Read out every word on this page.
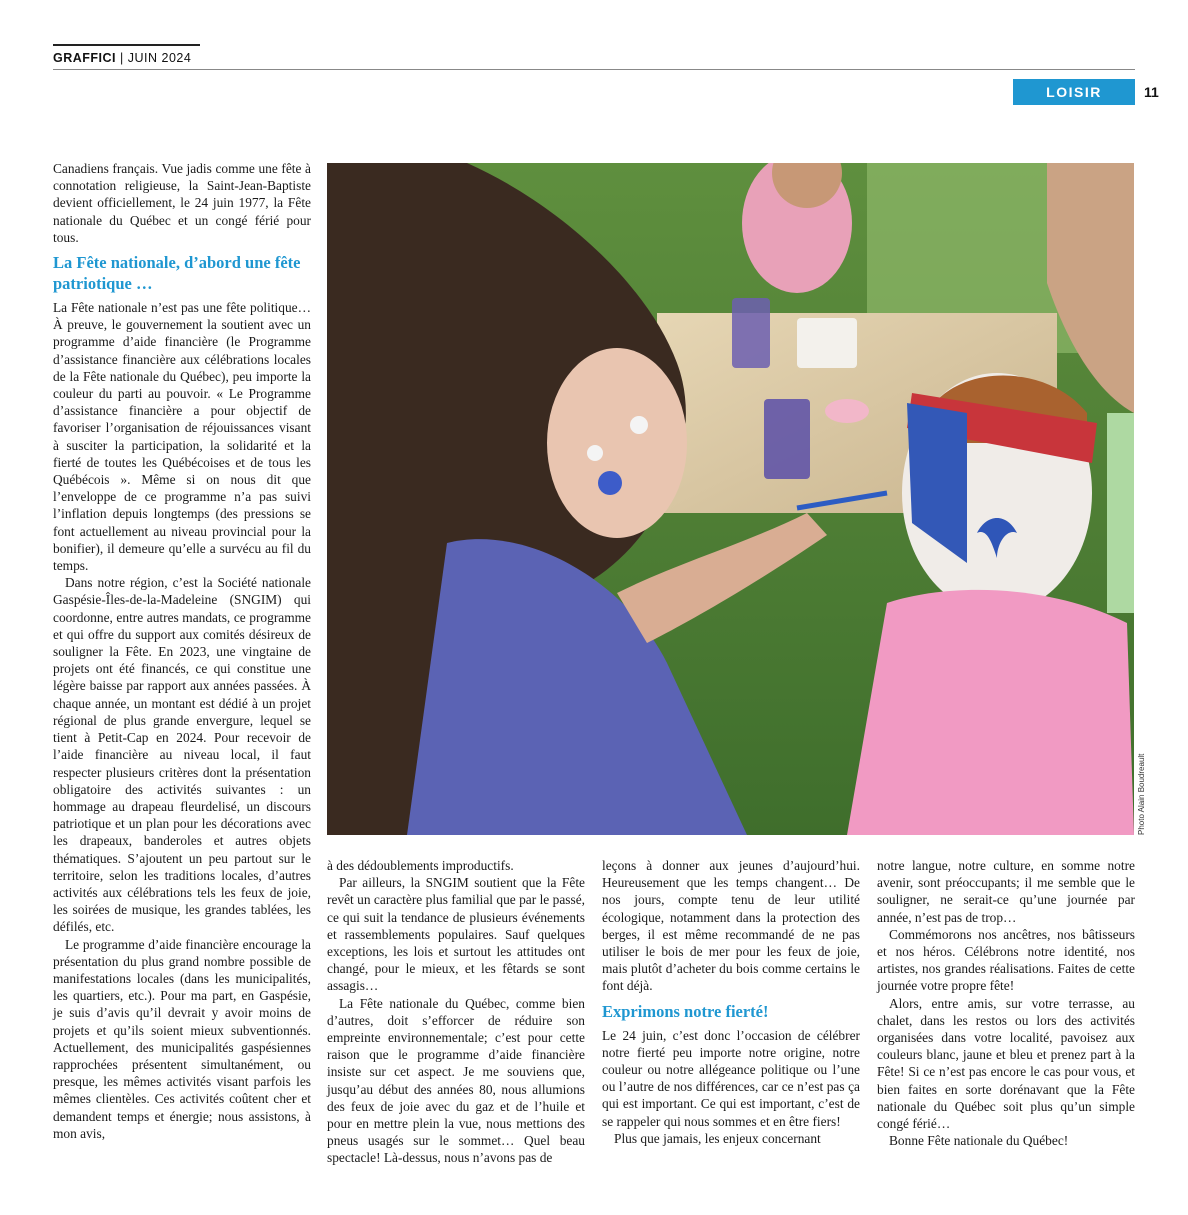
GRAFFICI | JUIN 2024
LOISIR	11

Canadiens français. Vue jadis comme une fête à connotation religieuse, la Saint-Jean-Baptiste devient officiellement, le 24 juin 1977, la Fête nationale du Québec et un congé férié pour tous.

La Fête nationale, d’abord une fête patriotique …

La Fête nationale n’est pas une fête politique… À preuve, le gouvernement la soutient avec un programme d’aide financière (le Programme d’assistance financière aux célébrations locales de la Fête nationale du Québec), peu importe la couleur du parti au pouvoir. « Le Programme d’assistance financière a pour objectif de favoriser l’organisation de réjouissances visant à susciter la participation, la solidarité et la fierté de toutes les Québécoises et de tous les Québécois ». Même si on nous dit que l’enveloppe de ce programme n’a pas suivi l’inflation depuis longtemps (des pressions se font actuellement au niveau provincial pour la bonifier), il demeure qu’elle a survécu au fil du temps.

Dans notre région, c’est la Société nationale Gaspésie-Îles-de-la-Madeleine (SNGIM) qui coordonne, entre autres mandats, ce programme et qui offre du support aux comités désireux de souligner la Fête. En 2023, une vingtaine de projets ont été financés, ce qui constitue une légère baisse par rapport aux années passées. À chaque année, un montant est dédié à un projet régional de plus grande envergure, lequel se tient à Petit-Cap en 2024. Pour recevoir de l’aide financière au niveau local, il faut respecter plusieurs critères dont la présentation obligatoire des activités suivantes : un hommage au drapeau fleurdelisé, un discours patriotique et un plan pour les décorations avec les drapeaux, banderoles et autres objets thématiques. S’ajoutent un peu partout sur le territoire, selon les traditions locales, d’autres activités aux célébrations tels les feux de joie, les soirées de musique, les grandes tablées, les défilés, etc.

Le programme d’aide financière encourage la présentation du plus grand nombre possible de manifestations locales (dans les municipalités, les quartiers, etc.). Pour ma part, en Gaspésie, je suis d’avis qu’il devrait y avoir moins de projets et qu’ils soient mieux subventionnés. Actuellement, des municipalités gaspésiennes rapprochées présentent simultanément, ou presque, les mêmes activités visant parfois les mêmes clientèles. Ces activités coûtent cher et demandent temps et énergie; nous assistons, à mon avis,

Photo Alain Boudreault

à des dédoublements improductifs.

Par ailleurs, la SNGIM soutient que la Fête revêt un caractère plus familial que par le passé, ce qui suit la tendance de plusieurs événements et rassemblements populaires. Sauf quelques exceptions, les lois et surtout les attitudes ont changé, pour le mieux, et les fêtards se sont assagis…

La Fête nationale du Québec, comme bien d’autres, doit s’efforcer de réduire son empreinte environnementale; c’est pour cette raison que le programme d’aide financière insiste sur cet aspect. Je me souviens que, jusqu’au début des années 80, nous allumions des feux de joie avec du gaz et de l’huile et pour en mettre plein la vue, nous mettions des pneus usagés sur le sommet… Quel beau spectacle! Là-dessus, nous n’avons pas de

leçons à donner aux jeunes d’aujourd’hui. Heureusement que les temps changent… De nos jours, compte tenu de leur utilité écologique, notamment dans la protection des berges, il est même recommandé de ne pas utiliser le bois de mer pour les feux de joie, mais plutôt d’acheter du bois comme certains le font déjà.

Exprimons notre fierté!

Le 24 juin, c’est donc l’occasion de célébrer notre fierté peu importe notre origine, notre couleur ou notre allégeance politique ou l’une ou l’autre de nos différences, car ce n’est pas ça qui est important. Ce qui est important, c’est de se rappeler qui nous sommes et en être fiers!

Plus que jamais, les enjeux concernant

notre langue, notre culture, en somme notre avenir, sont préoccupants; il me semble que le souligner, ne serait-ce qu’une journée par année, n’est pas de trop…

Commémorons nos ancêtres, nos bâtisseurs et nos héros. Célébrons notre identité, nos artistes, nos grandes réalisations. Faites de cette journée votre propre fête!

Alors, entre amis, sur votre terrasse, au chalet, dans les restos ou lors des activités organisées dans votre localité, pavoisez aux couleurs blanc, jaune et bleu et prenez part à la Fête! Si ce n’est pas encore le cas pour vous, et bien faites en sorte dorénavant que la Fête nationale du Québec soit plus qu’un simple congé férié…

Bonne Fête nationale du Québec!
